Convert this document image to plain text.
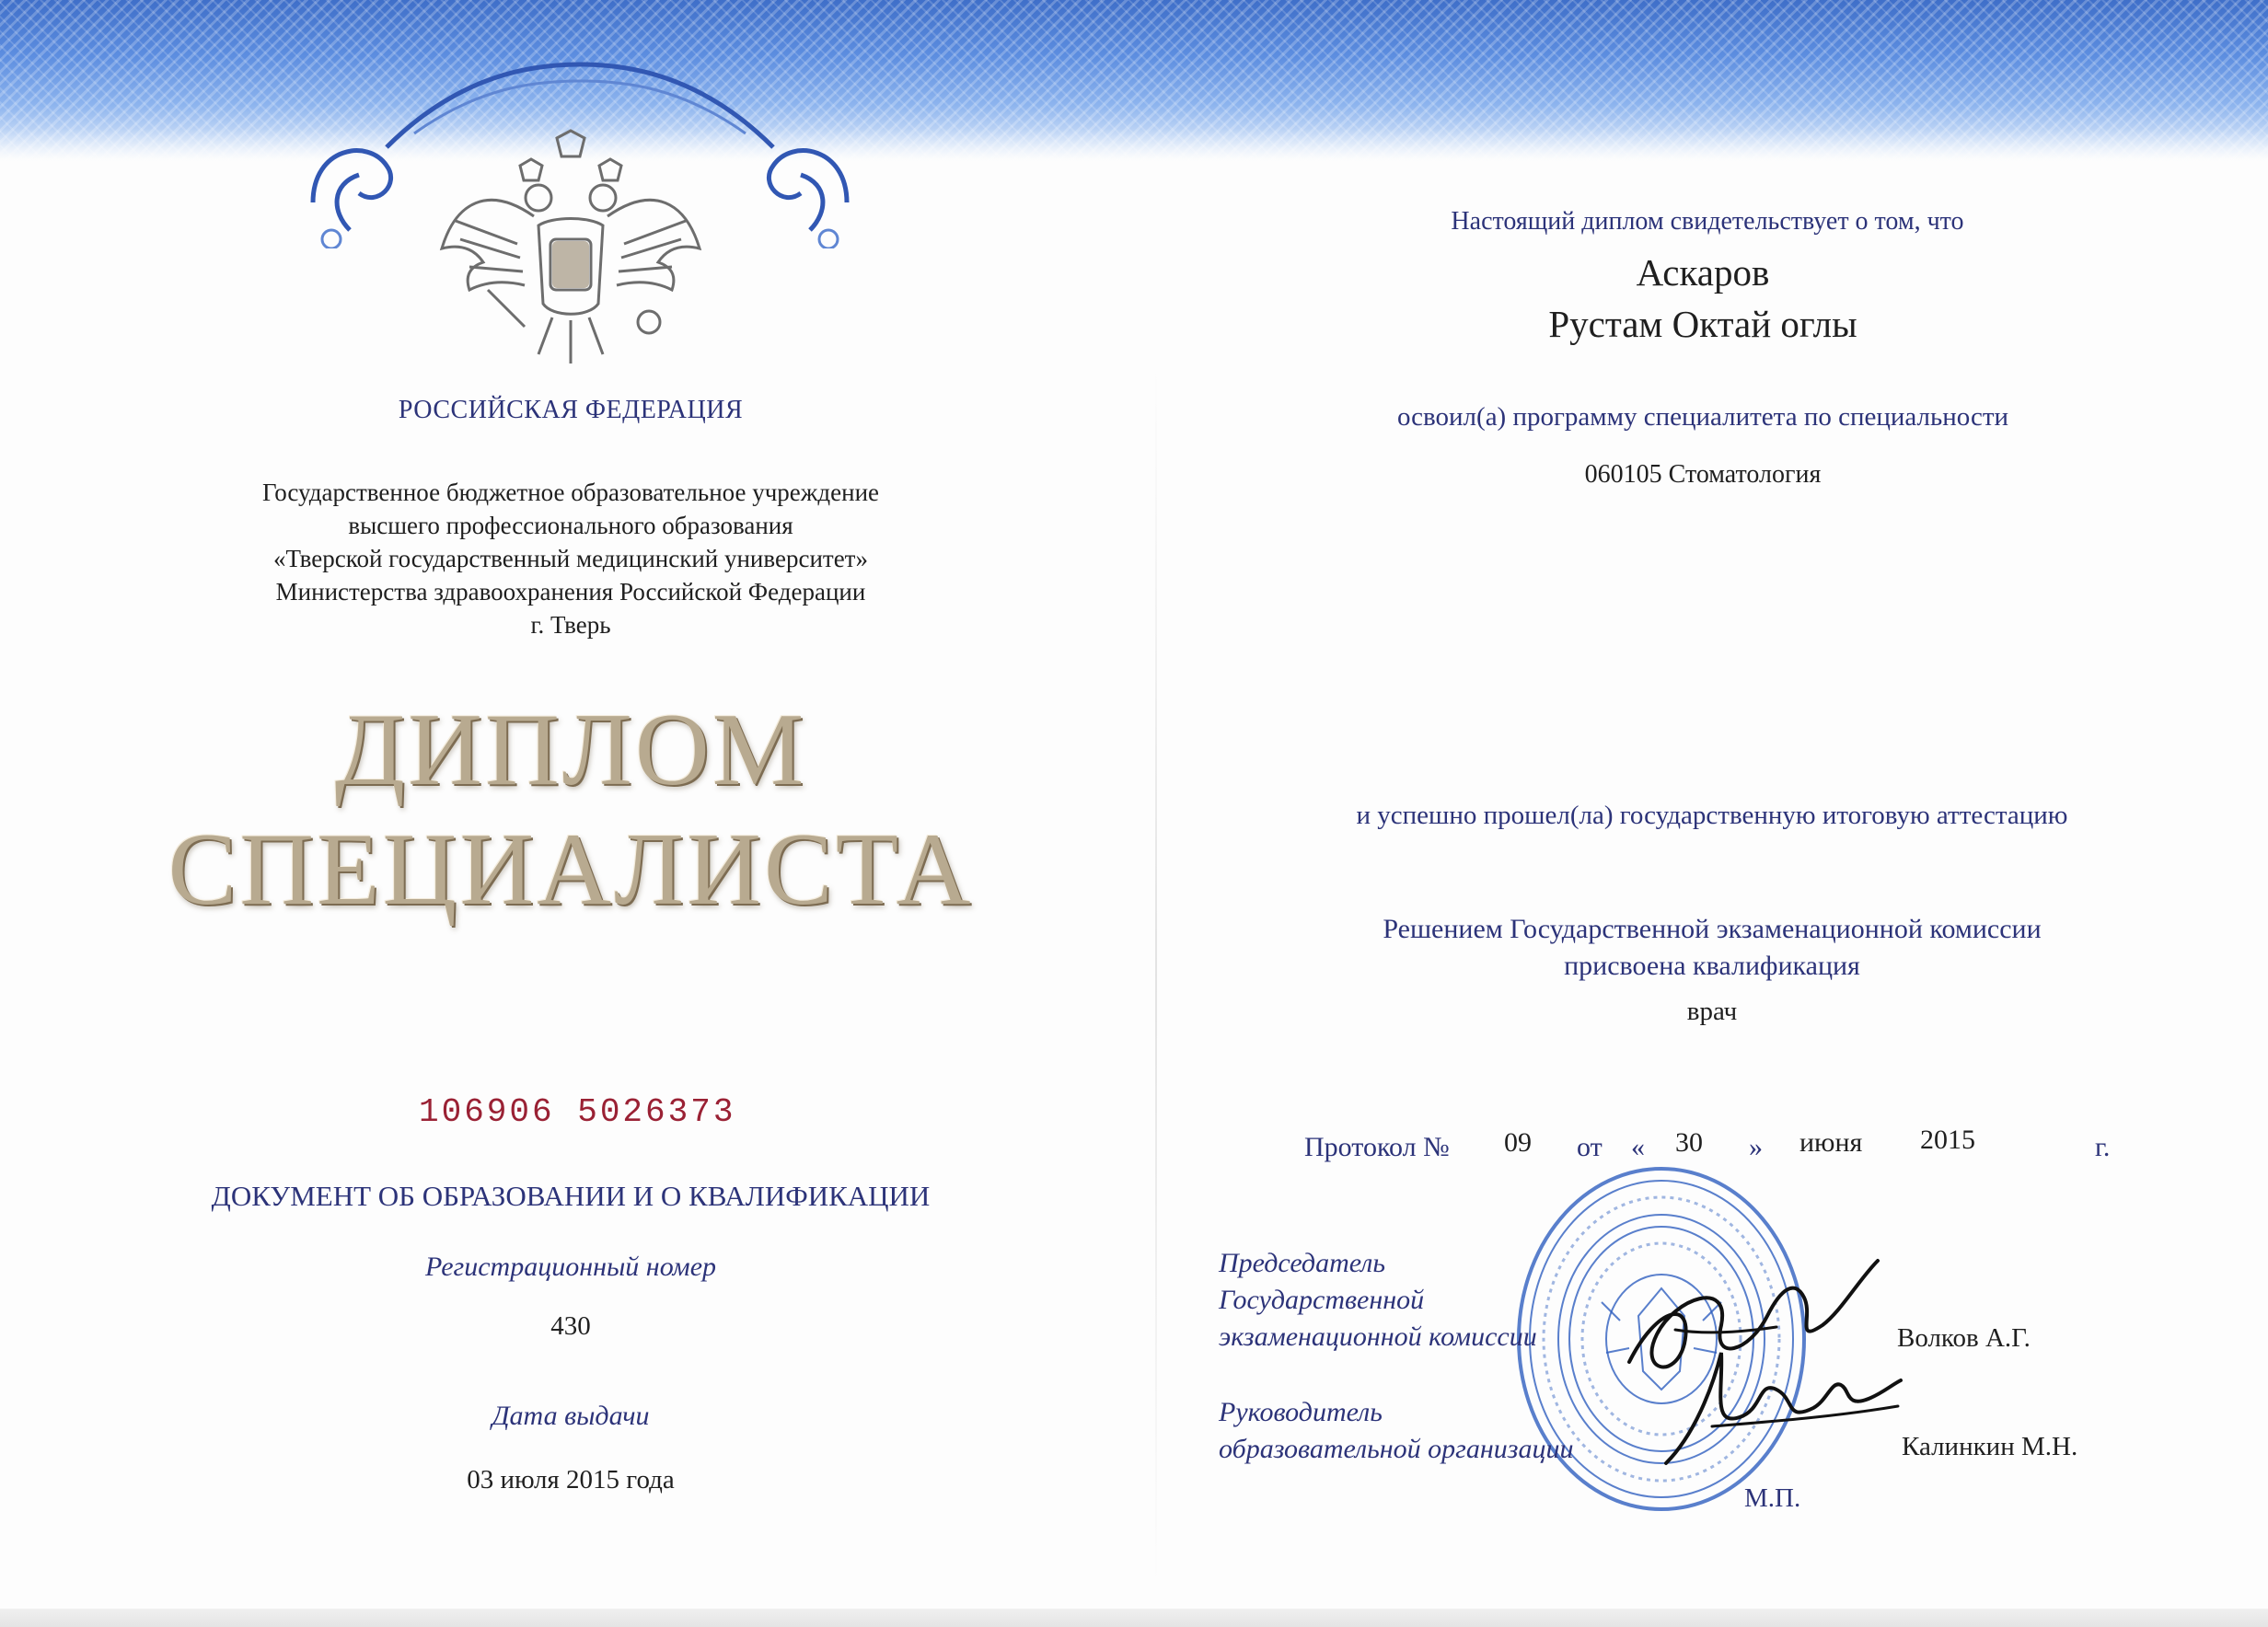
РОССИЙСКАЯ ФЕДЕРАЦИЯ
Государственное бюджетное образовательное учреждение
высшего профессионального образования
«Тверской государственный медицинский университет»
Министерства здравоохранения Российской Федерации
г. Тверь
ДИПЛОМ
СПЕЦИАЛИСТА
106906 5026373
ДОКУМЕНТ ОБ ОБРАЗОВАНИИ И О КВАЛИФИКАЦИИ
Регистрационный номер
430
Дата выдачи
03 июля 2015 года
Настоящий диплом свидетельствует о том, что
Аскаров
Рустам Октай оглы
освоил(а) программу специалитета по специальности
060105 Стоматология
и успешно прошел(ла) государственную итоговую аттестацию
Решением Государственной экзаменационной комиссии
присвоена квалификация
врач
Протокол № 09 от « 30 » июня 2015	г.
Председатель
Государственной
экзаменационной комиссии	Волков А.Г.
Руководитель
образовательной организации	Калинкин М.Н.
М.П.
